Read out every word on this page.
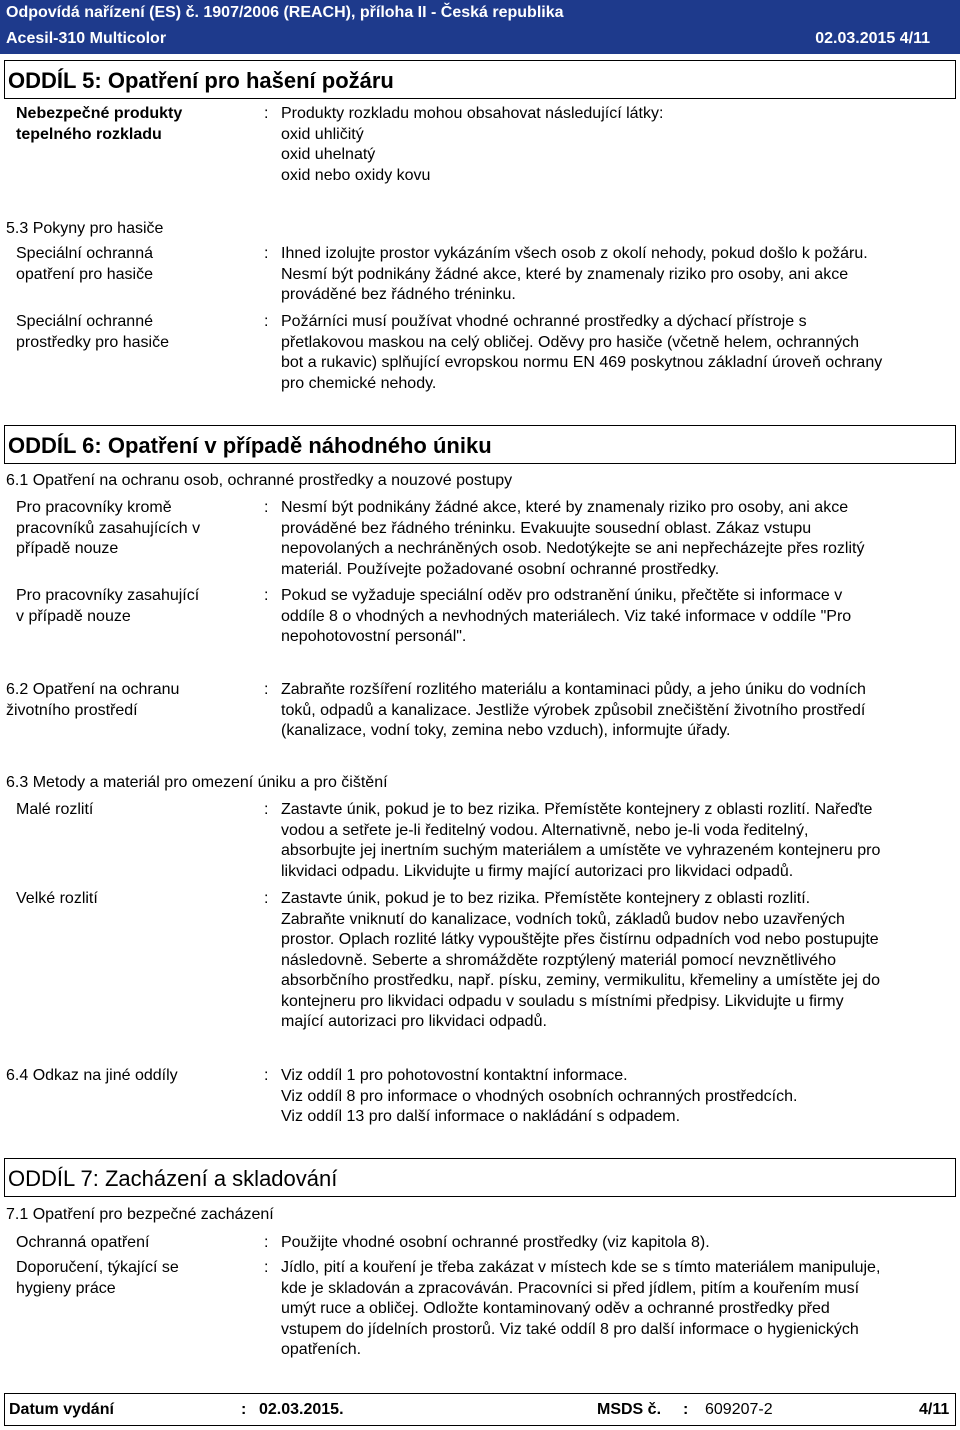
Odpovídá nařízení (ES) č. 1907/2006 (REACH), příloha II - Česká republika
Acesil-310 Multicolor	02.03.2015 4/11
ODDÍL 5: Opatření pro hašení požáru
Nebezpečné produkty
tepelného rozkladu
: Produkty rozkladu mohou obsahovat následující látky:
oxid uhličitý
oxid uhelnatý
oxid nebo oxidy kovu
5.3 Pokyny pro hasiče
Speciální ochranná
opatření pro hasiče
: Ihned izolujte prostor vykázáním všech osob z okolí nehody, pokud došlo k požáru.
Nesmí být podnikány žádné akce, které by znamenaly riziko pro osoby, ani akce
prováděné bez řádného tréninku.
Speciální ochranné
prostředky pro hasiče
: Požárníci musí používat vhodné ochranné prostředky a dýchací přístroje s
přetlakovou maskou na celý obličej. Oděvy pro hasiče (včetně helem, ochranných
bot a rukavic) splňující evropskou normu EN 469 poskytnou základní úroveň ochrany
pro chemické nehody.
ODDÍL 6: Opatření v případě náhodného úniku
6.1 Opatření na ochranu osob, ochranné prostředky a nouzové postupy
Pro pracovníky kromě
pracovníků zasahujících v
případě nouze
: Nesmí být podnikány žádné akce, které by znamenaly riziko pro osoby, ani akce
prováděné bez řádného tréninku. Evakuujte sousední oblast. Zákaz vstupu
nepovolaných a nechráněných osob. Nedotýkejte se ani nepřecházejte přes rozlitý
materiál. Používejte požadované osobní ochranné prostředky.
Pro pracovníky zasahující
v případě nouze
: Pokud se vyžaduje speciální oděv pro odstranění úniku, přečtěte si informace v
oddíle 8 o vhodných a nevhodných materiálech. Viz také informace v oddíle "Pro
nepohotovostní personál".
6.2 Opatření na ochranu
životního prostředí
: Zabraňte rozšíření rozlitého materiálu a kontaminaci půdy, a jeho úniku do vodních
toků, odpadů a kanalizace. Jestliže výrobek způsobil znečištění životního prostředí
(kanalizace, vodní toky, zemina nebo vzduch), informujte úřady.
6.3 Metody a materiál pro omezení úniku a pro čištění
Malé rozlití	: Zastavte únik, pokud je to bez rizika. Přemístěte kontejnery z oblasti rozlití. Nařeďte
vodou a setřete je-li ředitelný vodou. Alternativně, nebo je-li voda ředitelný,
absorbujte jej inertním suchým materiálem a umístěte ve vyhrazeném kontejneru pro
likvidaci odpadu. Likvidujte u firmy mající autorizaci pro likvidaci odpadů.
Velké rozlití	: Zastavte únik, pokud je to bez rizika. Přemístěte kontejnery z oblasti rozlití.
Zabraňte vniknutí do kanalizace, vodních toků, základů budov nebo uzavřených
prostor. Oplach rozlité látky vypouštějte přes čistírnu odpadních vod nebo postupujte
následovně. Seberte a shromážděte rozptýlený materiál pomocí nevznětlivého
absorbčního prostředku, např. písku, zeminy, vermikulitu, křemeliny a umístěte jej do
kontejneru pro likvidaci odpadu v souladu s místními předpisy. Likvidujte u firmy
mající autorizaci pro likvidaci odpadů.
6.4 Odkaz na jiné oddíly	: Viz oddíl 1 pro pohotovostní kontaktní informace.
Viz oddíl 8 pro informace o vhodných osobních ochranných prostředcích.
Viz oddíl 13 pro další informace o nakládání s odpadem.
ODDÍL 7: Zacházení a skladování
7.1 Opatření pro bezpečné zacházení
Ochranná opatření	: Použijte vhodné osobní ochranné prostředky (viz kapitola 8).
Doporučení, týkající se
hygieny práce
: Jídlo, pití a kouření je třeba zakázat v místech kde se s tímto materiálem manipuluje,
kde je skladován a zpracováván. Pracovníci si před jídlem, pitím a kouřením musí
umýt ruce a obličej. Odložte kontaminovaný oděv a ochranné prostředky před
vstupem do jídelních prostorů. Viz také oddíl 8 pro další informace o hygienických
opatřeních.
Datum vydání	: 02.03.2015.	MSDS č. : 609207-2	4/11
